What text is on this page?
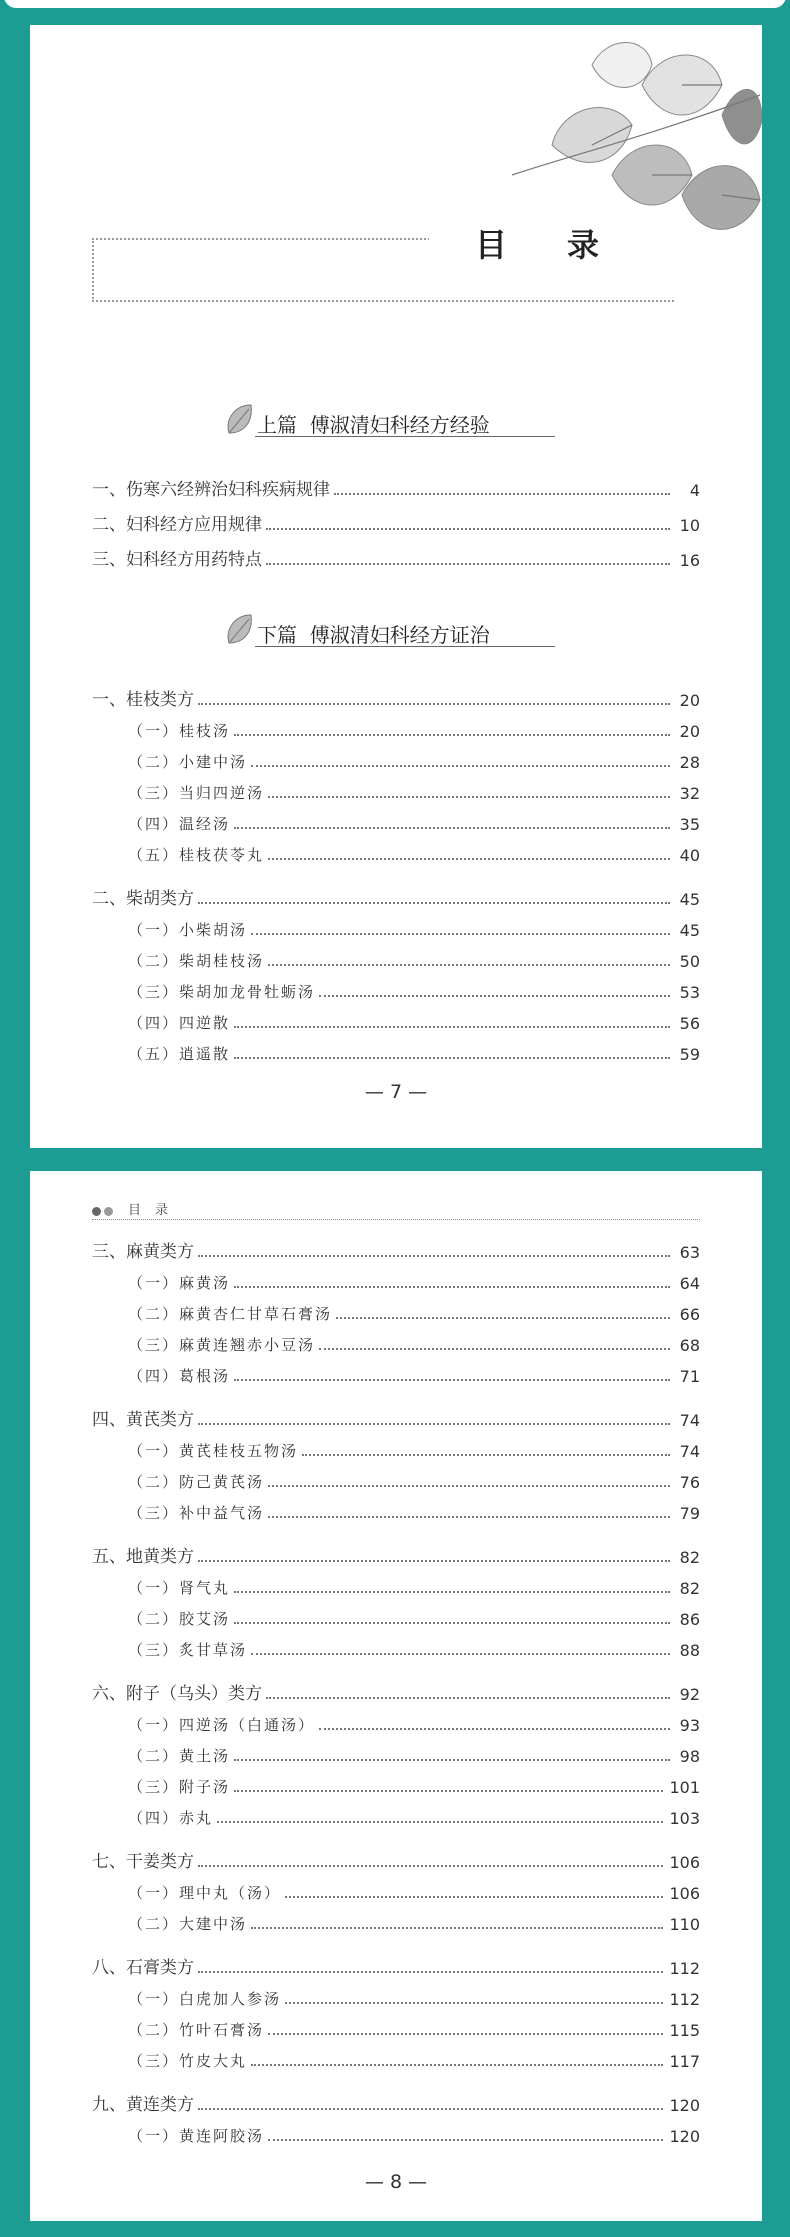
目录
上篇  傅淑清妇科经方经验
一、伤寒六经辨治妇科疾病规律	4
二、妇科经方应用规律	10
三、妇科经方用药特点	16
下篇  傅淑清妇科经方证治
一、桂枝类方	20
（一）桂枝汤	20
（二）小建中汤	28
（三）当归四逆汤	32
（四）温经汤	35
（五）桂枝茯苓丸	40
二、柴胡类方	45
（一）小柴胡汤	45
（二）柴胡桂枝汤	50
（三）柴胡加龙骨牡蛎汤	53
（四）四逆散	56
（五）逍遥散	59
— 7 —
目录
三、麻黄类方	63
（一）麻黄汤	64
（二）麻黄杏仁甘草石膏汤	66
（三）麻黄连翘赤小豆汤	68
（四）葛根汤	71
四、黄芪类方	74
（一）黄芪桂枝五物汤	74
（二）防己黄芪汤	76
（三）补中益气汤	79
五、地黄类方	82
（一）肾气丸	82
（二）胶艾汤	86
（三）炙甘草汤	88
六、附子（乌头）类方	92
（一）四逆汤（白通汤）	93
（二）黄土汤	98
（三）附子汤	101
（四）赤丸	103
七、干姜类方	106
（一）理中丸（汤）	106
（二）大建中汤	110
八、石膏类方	112
（一）白虎加人参汤	112
（二）竹叶石膏汤	115
（三）竹皮大丸	117
九、黄连类方	120
（一）黄连阿胶汤	120
— 8 —
